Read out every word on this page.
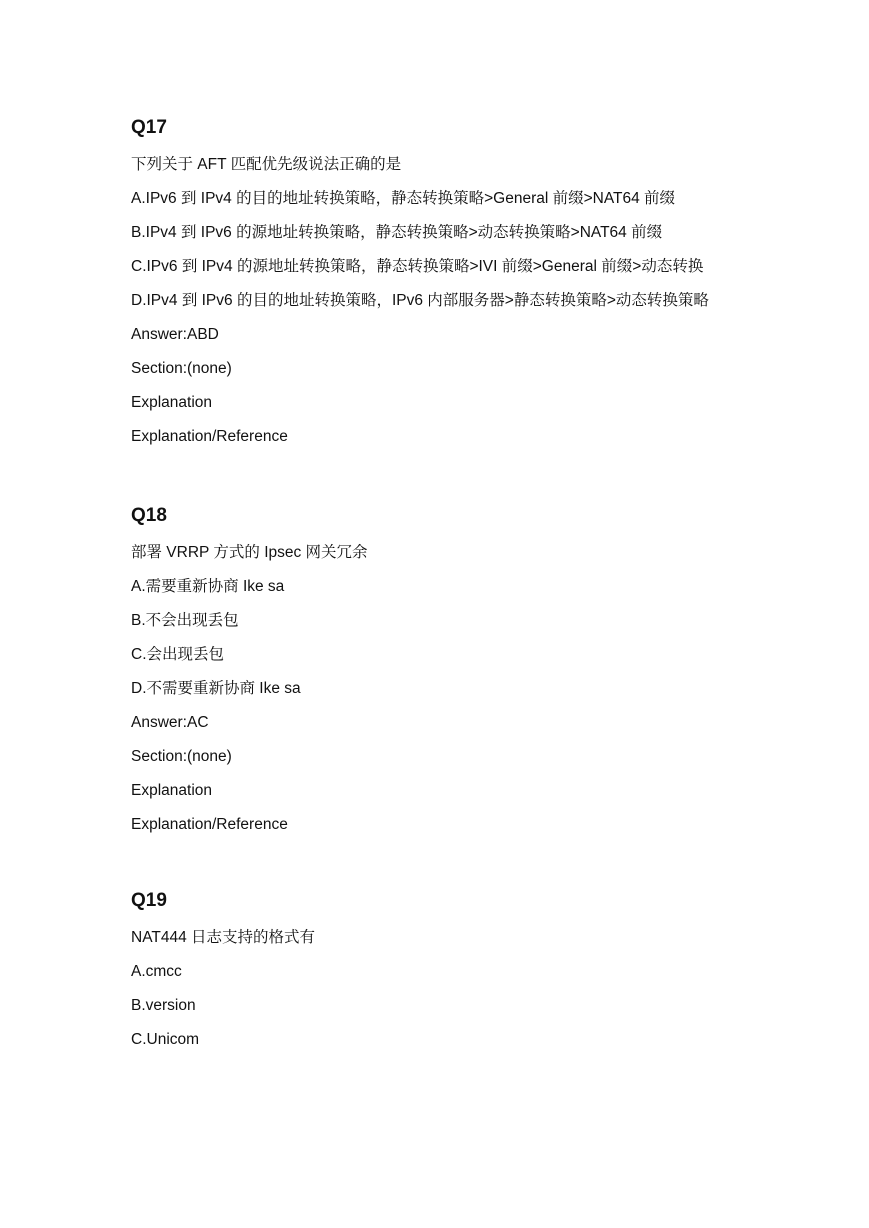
Q17

下列关于 AFT 匹配优先级说法正确的是

A.IPv6 到 IPv4 的目的地址转换策略，静态转换策略>General 前缀>NAT64 前缀

B.IPv4 到 IPv6 的源地址转换策略，静态转换策略>动态转换策略>NAT64 前缀

C.IPv6 到 IPv4 的源地址转换策略，静态转换策略>IVI 前缀>General 前缀>动态转换

D.IPv4 到 IPv6 的目的地址转换策略，IPv6 内部服务器>静态转换策略>动态转换策略

Answer:ABD

Section:(none)

Explanation

Explanation/Reference

Q18

部署 VRRP 方式的 Ipsec 网关冗余

A.需要重新协商 Ike sa

B.不会出现丢包

C.会出现丢包

D.不需要重新协商 Ike sa

Answer:AC

Section:(none)

Explanation

Explanation/Reference

Q19

NAT444 日志支持的格式有

A.cmcc

B.version

C.Unicom
